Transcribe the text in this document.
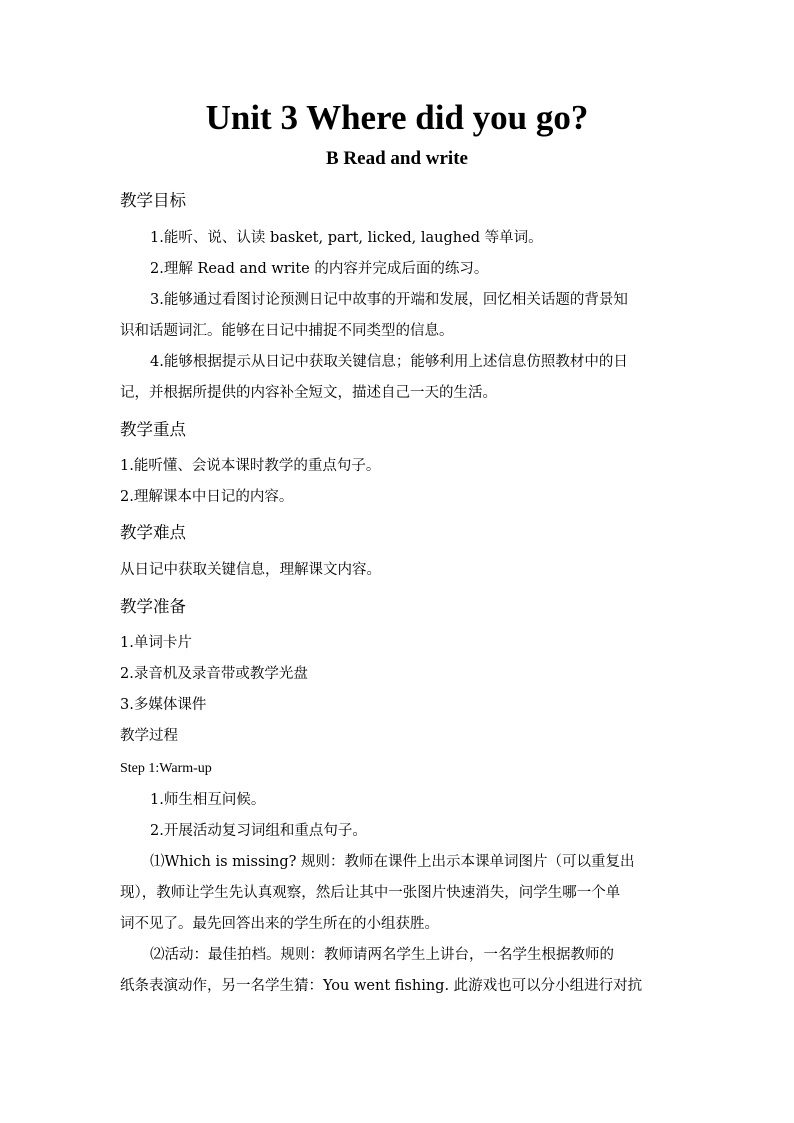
Unit 3 Where did you go?
B Read and write
教学目标
1.能听、说、认读 basket, part, licked, laughed 等单词。
2.理解 Read and write 的内容并完成后面的练习。
3.能够通过看图讨论预测日记中故事的开端和发展，回忆相关话题的背景知
识和话题词汇。能够在日记中捕捉不同类型的信息。
4.能够根据提示从日记中获取关键信息；能够利用上述信息仿照教材中的日
记，并根据所提供的内容补全短文，描述自己一天的生活。
教学重点
1.能听懂、会说本课时教学的重点句子。
2.理解课本中日记的内容。
教学难点
从日记中获取关键信息，理解课文内容。
教学准备
1.单词卡片
2.录音机及录音带或教学光盘
3.多媒体课件
教学过程
Step 1:Warm-up
1.师生相互问候。
2.开展活动复习词组和重点句子。
⑴Which is missing? 规则：教师在课件上出示本课单词图片（可以重复出
现），教师让学生先认真观察，然后让其中一张图片快速消失，问学生哪一个单
词不见了。最先回答出来的学生所在的小组获胜。
⑵活动：最佳拍档。规则：教师请两名学生上讲台，一名学生根据教师的
纸条表演动作，另一名学生猜：You went fishing. 此游戏也可以分小组进行对抗
